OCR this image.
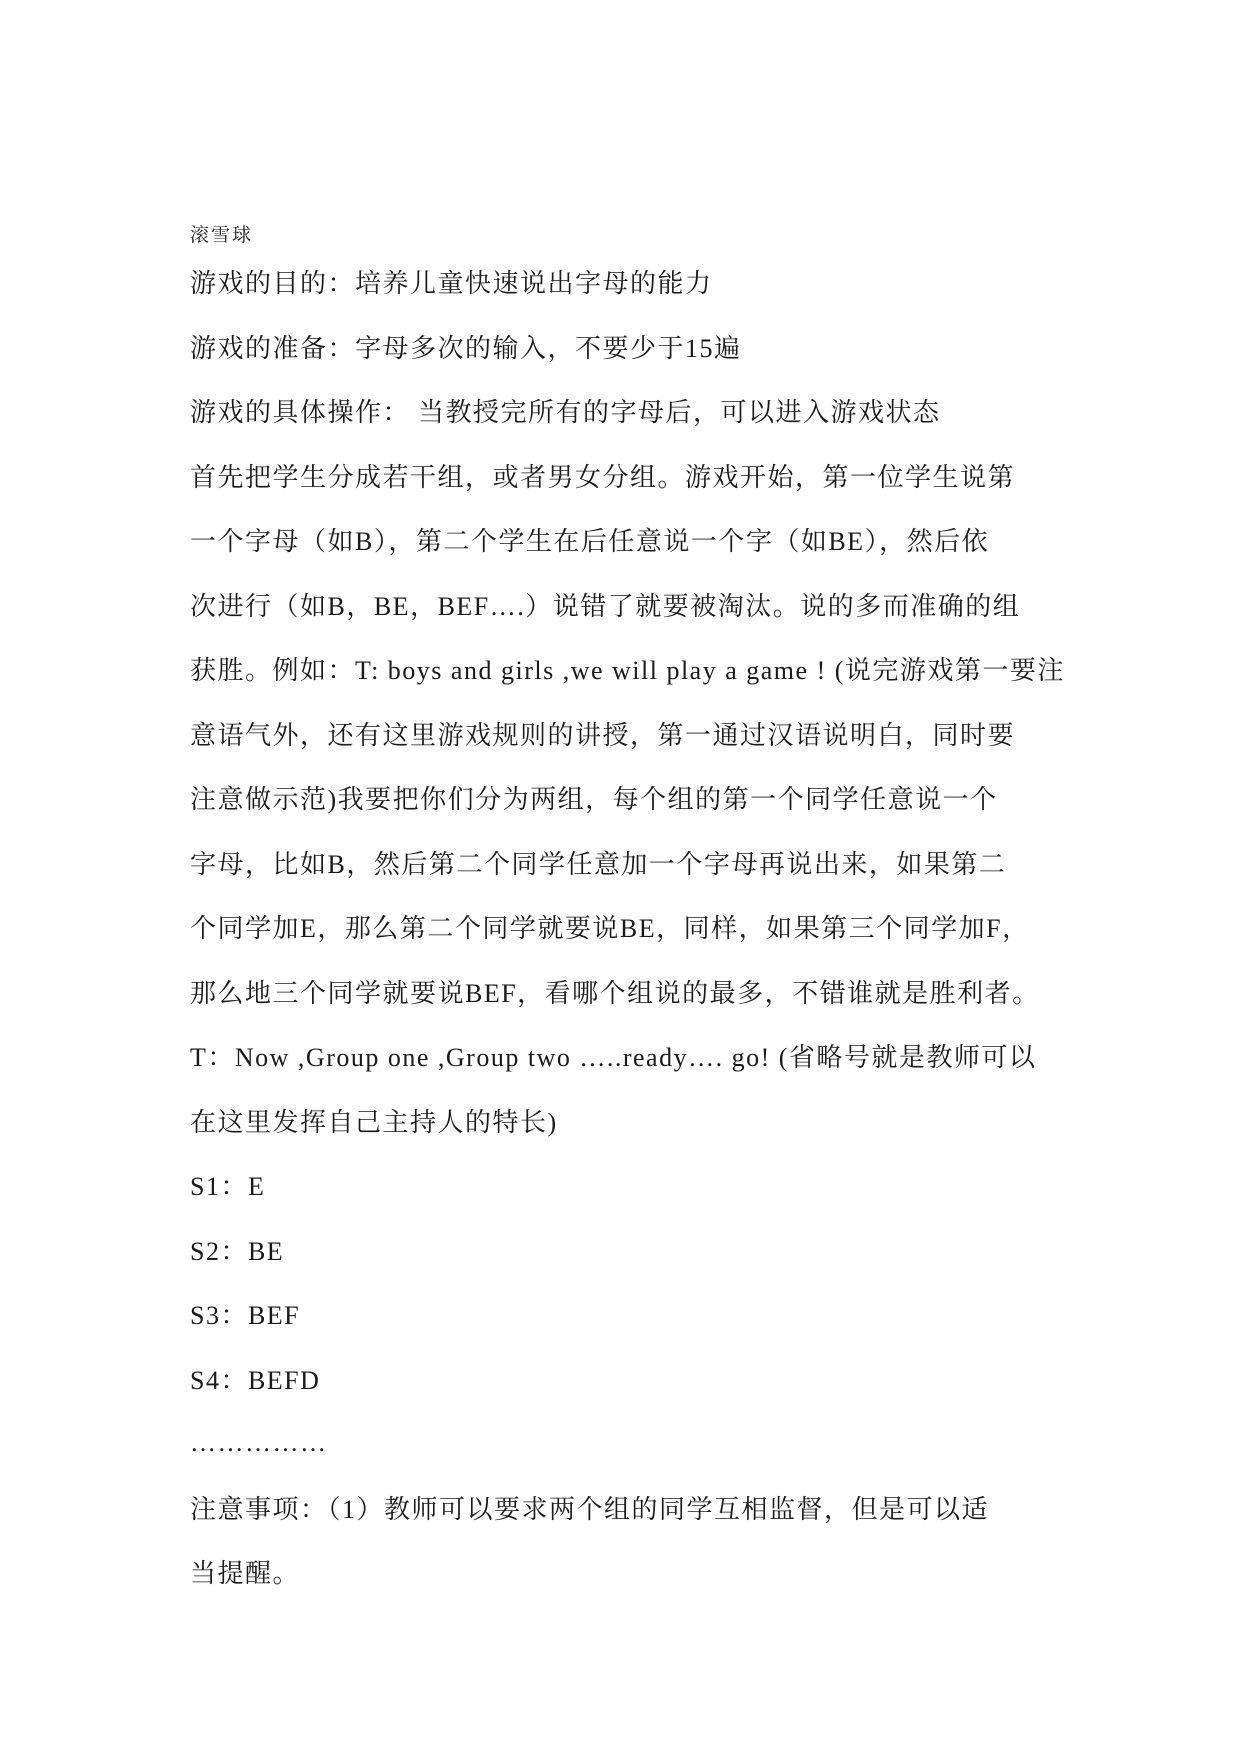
滚雪球
游戏的目的：培养儿童快速说出字母的能力
游戏的准备：字母多次的输入，不要少于15遍
游戏的具体操作： 当教授完所有的字母后，可以进入游戏状态
首先把学生分成若干组，或者男女分组。游戏开始，第一位学生说第
一个字母（如B），第二个学生在后任意说一个字（如BE），然后依
次进行（如B，BE，BEF….）说错了就要被淘汰。说的多而准确的组
获胜。例如：T: boys and girls ,we will play a game ! (说完游戏第一要注
意语气外，还有这里游戏规则的讲授，第一通过汉语说明白，同时要
注意做示范)我要把你们分为两组，每个组的第一个同学任意说一个
字母，比如B，然后第二个同学任意加一个字母再说出来，如果第二
个同学加E，那么第二个同学就要说BE，同样，如果第三个同学加F，
那么地三个同学就要说BEF，看哪个组说的最多，不错谁就是胜利者。
T：Now ,Group one ,Group two …..ready…. go! (省略号就是教师可以
在这里发挥自己主持人的特长)
S1：E
S2：BE
S3：BEF
S4：BEFD
……………
注意事项：（1）教师可以要求两个组的同学互相监督，但是可以适
当提醒。
